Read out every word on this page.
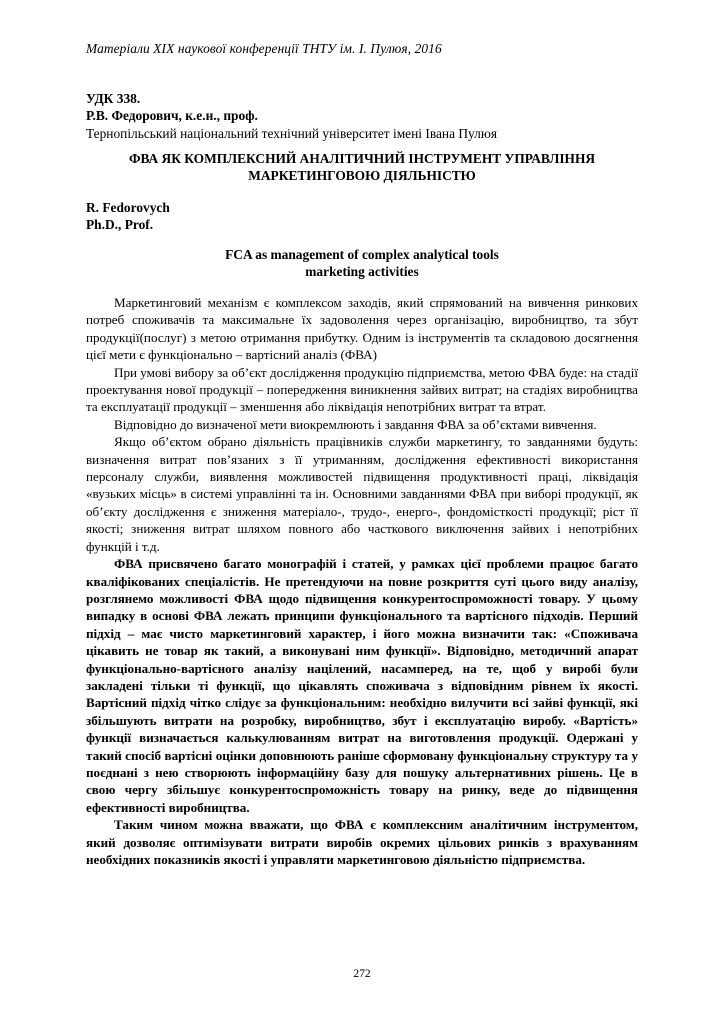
Матеріали XIX наукової конференції ТНТУ ім. І. Пулюя, 2016
УДК 338.
Р.В. Федорович, к.е.н., проф.
Тернопільський національний технічний університет імені Івана Пулюя
ФВА ЯК КОМПЛЕКСНИЙ АНАЛІТИЧНИЙ ІНСТРУМЕНТ УПРАВЛІННЯ
МАРКЕТИНГОВОЮ ДІЯЛЬНІСТЮ
R. Fedorovych
Ph.D., Prof.
FCA as management of complex analytical tools
marketing activities

Маркетинговий механізм є комплексом заходів, який спрямований на вивчення ринкових потреб споживачів та максимальне їх задоволення через організацію, виробництво, та збут продукції(послуг) з метою отримання прибутку. Одним із інструментів та складовою досягнення цієї мети є функціонально – вартісний аналіз (ФВА)

При умові вибору за об’єкт дослідження продукцію підприємства, метою ФВА буде: на стадії проектування нової продукції – попередження виникнення зайвих витрат; на стадіях виробництва та експлуатації продукції – зменшення або ліквідація непотрібних витрат та втрат.

Відповідно до визначеної мети виокремлюють і завдання ФВА за об’єктами вивчення.

Якщо об’єктом обрано діяльність працівників служби маркетингу, то завданнями будуть: визначення витрат пов’язаних з її утриманням, дослідження ефективності використання персоналу служби, виявлення можливостей підвищення продуктивності праці, ліквідація «вузьких місць» в системі управлінні та ін. Основними завданнями ФВА при виборі продукції, як об’єкту дослідження є зниження матеріало-, трудо-, енерго-, фондомісткості продукції; ріст її якості; зниження витрат шляхом повного або часткового виключення зайвих і непотрібних функцій і т.д.

ФВА присвячено багато монографій і статей, у рамках цієї проблеми працює багато кваліфікованих спеціалістів. Не претендуючи на повне розкриття суті цього виду аналізу, розглянемо можливості ФВА щодо підвищення конкурентоспроможності товару. У цьому випадку в основі ФВА лежать принципи функціонального та вартісного підходів. Перший підхід – має чисто маркетинговий характер, і його можна визначити так: «Споживача цікавить не товар як такий, а виконувані ним функції». Відповідно, методичний апарат функціонально-вартісного аналізу націлений, насамперед, на те, щоб у виробі були закладені тільки ті функції, що цікавлять споживача з відповідним рівнем їх якості. Вартісний підхід чітко слідує за функціональним: необхідно вилучити всі зайві функції, які збільшують витрати на розробку, виробництво, збут і експлуатацію виробу. «Вартість» функції визначається калькулюванням витрат на виготовлення продукції. Одержані у такий спосіб вартісні оцінки доповнюють раніше сформовану функціональну структуру та у поєднані з нею створюють інформаційну базу для пошуку альтернативних рішень. Це в свою чергу збільшує конкурентоспроможність товару на ринку, веде до підвищення ефективності виробництва.

Таким чином можна вважати, що ФВА є комплексним аналітичним інструментом, який дозволяє оптимізувати витрати виробів окремих цільових ринків з врахуванням необхідних показників якості і управляти маркетинговою діяльністю підприємства.

272
